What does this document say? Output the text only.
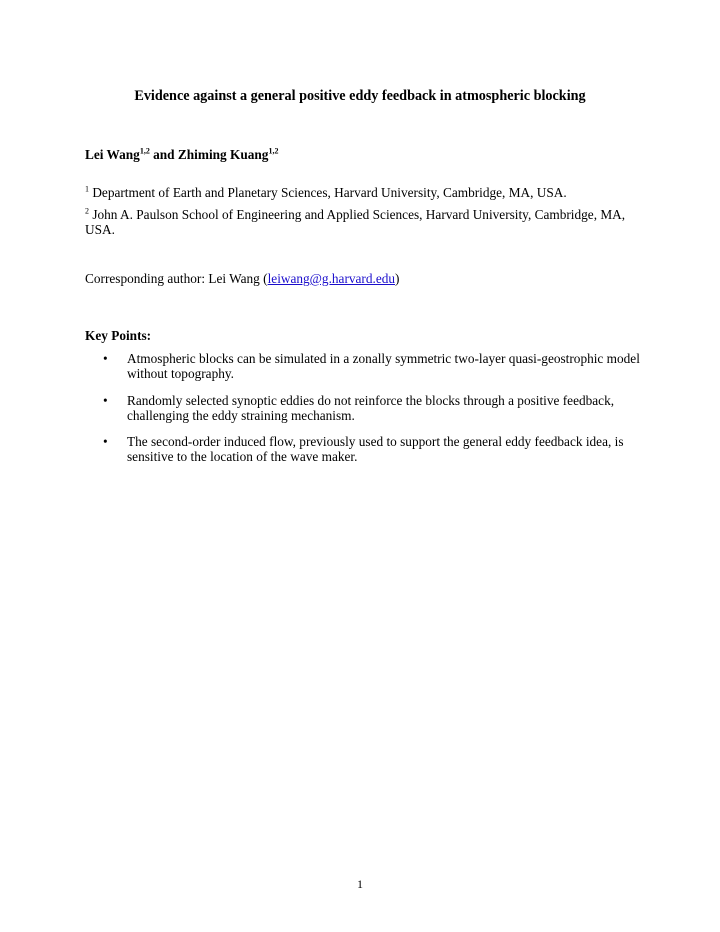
Evidence against a general positive eddy feedback in atmospheric blocking
Lei Wang$^{1,2}$ and Zhiming Kuang$^{1,2}$
$^1$ Department of Earth and Planetary Sciences, Harvard University, Cambridge, MA, USA.
$^2$ John A. Paulson School of Engineering and Applied Sciences, Harvard University, Cambridge, MA, USA.
Corresponding author: Lei Wang (leiwang@g.harvard.edu)
Key Points:
•	Atmospheric blocks can be simulated in a zonally symmetric two-layer quasi-geostrophic model without topography.
•	Randomly selected synoptic eddies do not reinforce the blocks through a positive feedback, challenging the eddy straining mechanism.
•	The second-order induced flow, previously used to support the general eddy feedback idea, is sensitive to the location of the wave maker.
1
